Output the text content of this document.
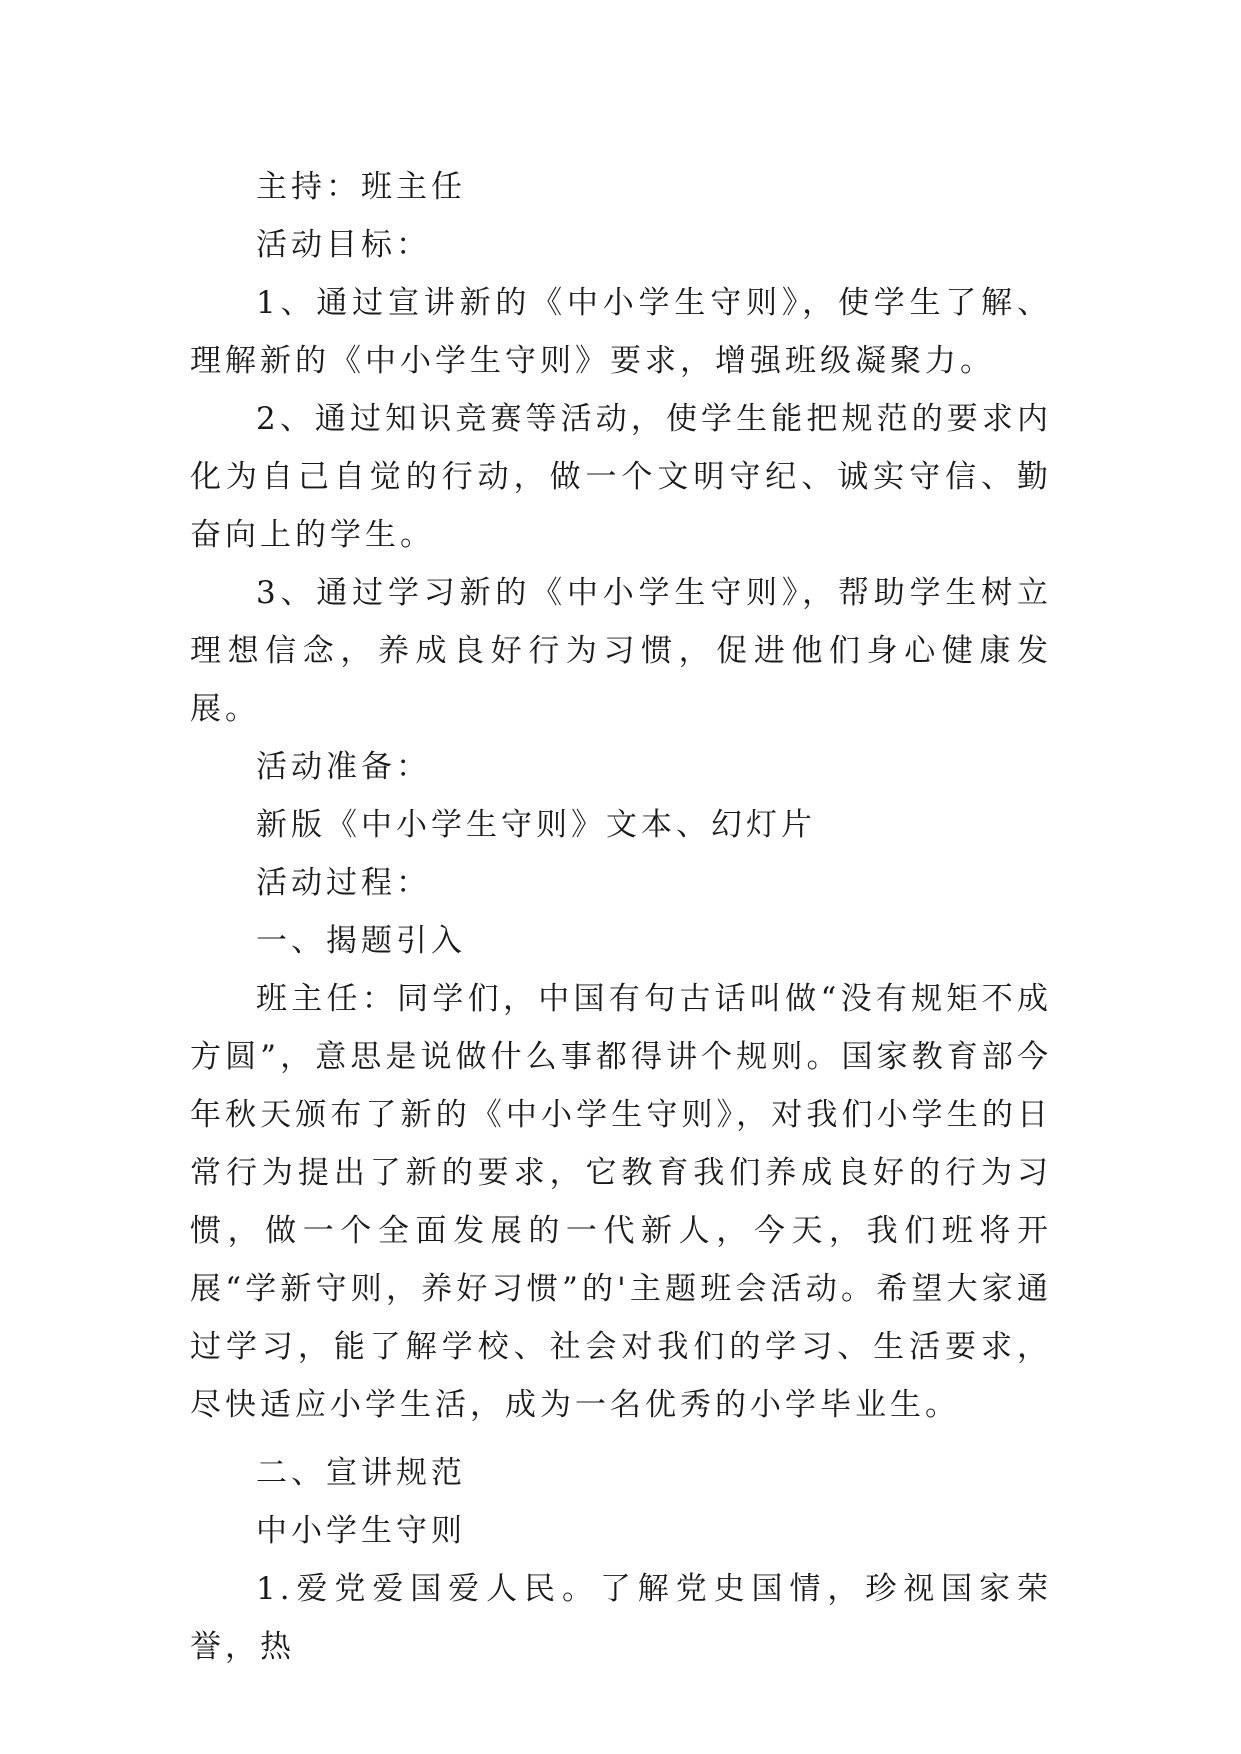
主持：班主任

活动目标：

1、通过宣讲新的《中小学生守则》，使学生了解、理解新的《中小学生守则》要求，增强班级凝聚力。

2、通过知识竞赛等活动，使学生能把规范的要求内化为自己自觉的行动，做一个文明守纪、诚实守信、勤奋向上的学生。

3、通过学习新的《中小学生守则》，帮助学生树立理想信念，养成良好行为习惯，促进他们身心健康发展。

活动准备：

新版《中小学生守则》文本、幻灯片

活动过程：

一、揭题引入

班主任：同学们，中国有句古话叫做“没有规矩不成方圆”，意思是说做什么事都得讲个规则。国家教育部今年秋天颁布了新的《中小学生守则》，对我们小学生的日常行为提出了新的要求，它教育我们养成良好的行为习惯，做一个全面发展的一代新人，今天，我们班将开展“学新守则，养好习惯”的'主题班会活动。希望大家通过学习，能了解学校、社会对我们的学习、生活要求，尽快适应小学生活，成为一名优秀的小学毕业生。

二、宣讲规范

中小学生守则

1.爱党爱国爱人民。了解党史国情，珍视国家荣誉，热
